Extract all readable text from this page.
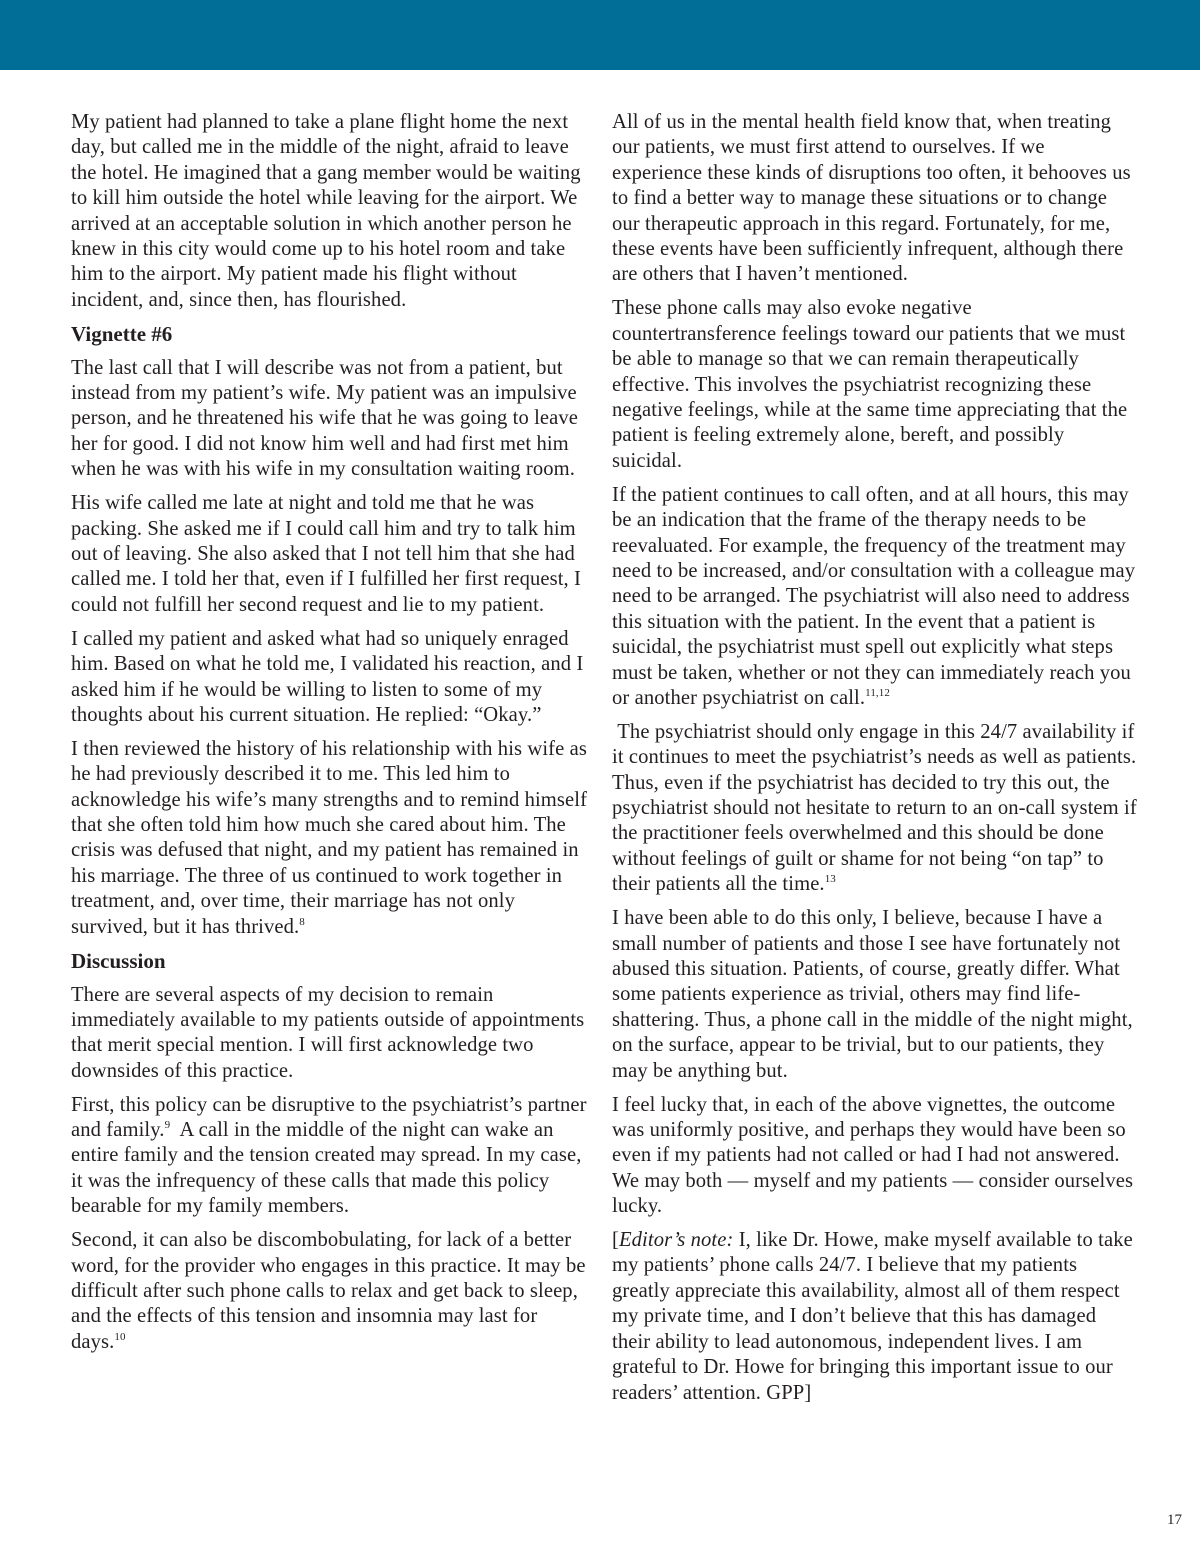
My patient had planned to take a plane flight home the next day, but called me in the middle of the night, afraid to leave the hotel. He imagined that a gang member would be waiting to kill him outside the hotel while leaving for the airport. We arrived at an acceptable solution in which another person he knew in this city would come up to his hotel room and take him to the airport. My patient made his flight without incident, and, since then, has flourished.

Vignette #6

The last call that I will describe was not from a patient, but instead from my patient’s wife. My patient was an impulsive person, and he threatened his wife that he was going to leave her for good. I did not know him well and had first met him when he was with his wife in my consultation waiting room.

His wife called me late at night and told me that he was packing. She asked me if I could call him and try to talk him out of leaving. She also asked that I not tell him that she had called me. I told her that, even if I fulfilled her first request, I could not fulfill her second request and lie to my patient.

I called my patient and asked what had so uniquely enraged him. Based on what he told me, I validated his reaction, and I asked him if he would be willing to listen to some of my thoughts about his current situation. He replied: “Okay.”

I then reviewed the history of his relationship with his wife as he had previously described it to me. This led him to acknowledge his wife’s many strengths and to remind himself that she often told him how much she cared about him. The crisis was defused that night, and my patient has remained in his marriage. The three of us continued to work together in treatment, and, over time, their marriage has not only survived, but it has thrived.$^8$

Discussion

There are several aspects of my decision to remain immediately available to my patients outside of appointments that merit special mention. I will first acknowledge two downsides of this practice.

First, this policy can be disruptive to the psychiatrist’s partner and family.$^9$  A call in the middle of the night can wake an entire family and the tension created may spread. In my case, it was the infrequency of these calls that made this policy bearable for my family members.

Second, it can also be discombobulating, for lack of a better word, for the provider who engages in this practice. It may be difficult after such phone calls to relax and get back to sleep, and the effects of this tension and insomnia may last for days.$^{10}$

All of us in the mental health field know that, when treating our patients, we must first attend to ourselves. If we experience these kinds of disruptions too often, it behooves us to find a better way to manage these situations or to change our therapeutic approach in this regard. Fortunately, for me, these events have been sufficiently infrequent, although there are others that I haven’t mentioned.

These phone calls may also evoke negative countertransference feelings toward our patients that we must be able to manage so that we can remain therapeutically effective. This involves the psychiatrist recognizing these negative feelings, while at the same time appreciating that the patient is feeling extremely alone, bereft, and possibly suicidal.

If the patient continues to call often, and at all hours, this may be an indication that the frame of the therapy needs to be reevaluated. For example, the frequency of the treatment may need to be increased, and/or consultation with a colleague may need to be arranged. The psychiatrist will also need to address this situation with the patient. In the event that a patient is suicidal, the psychiatrist must spell out explicitly what steps must be taken, whether or not they can immediately reach you or another psychiatrist on call.$^{11,12}$

The psychiatrist should only engage in this 24/7 availability if it continues to meet the psychiatrist’s needs as well as patients. Thus, even if the psychiatrist has decided to try this out, the psychiatrist should not hesitate to return to an on-call system if the practitioner feels overwhelmed and this should be done without feelings of guilt or shame for not being “on tap” to their patients all the time.$^{13}$

I have been able to do this only, I believe, because I have a small number of patients and those I see have fortunately not abused this situation. Patients, of course, greatly differ. What some patients experience as trivial, others may find life-shattering. Thus, a phone call in the middle of the night might, on the surface, appear to be trivial, but to our patients, they may be anything but.

I feel lucky that, in each of the above vignettes, the outcome was uniformly positive, and perhaps they would have been so even if my patients had not called or had I had not answered. We may both — myself and my patients — consider ourselves lucky.

[Editor’s note: I, like Dr. Howe, make myself available to take my patients’ phone calls 24/7. I believe that my patients greatly appreciate this availability, almost all of them respect my private time, and I don’t believe that this has damaged their ability to lead autonomous, independent lives. I am grateful to Dr. Howe for bringing this important issue to our readers’ attention. GPP]

17
